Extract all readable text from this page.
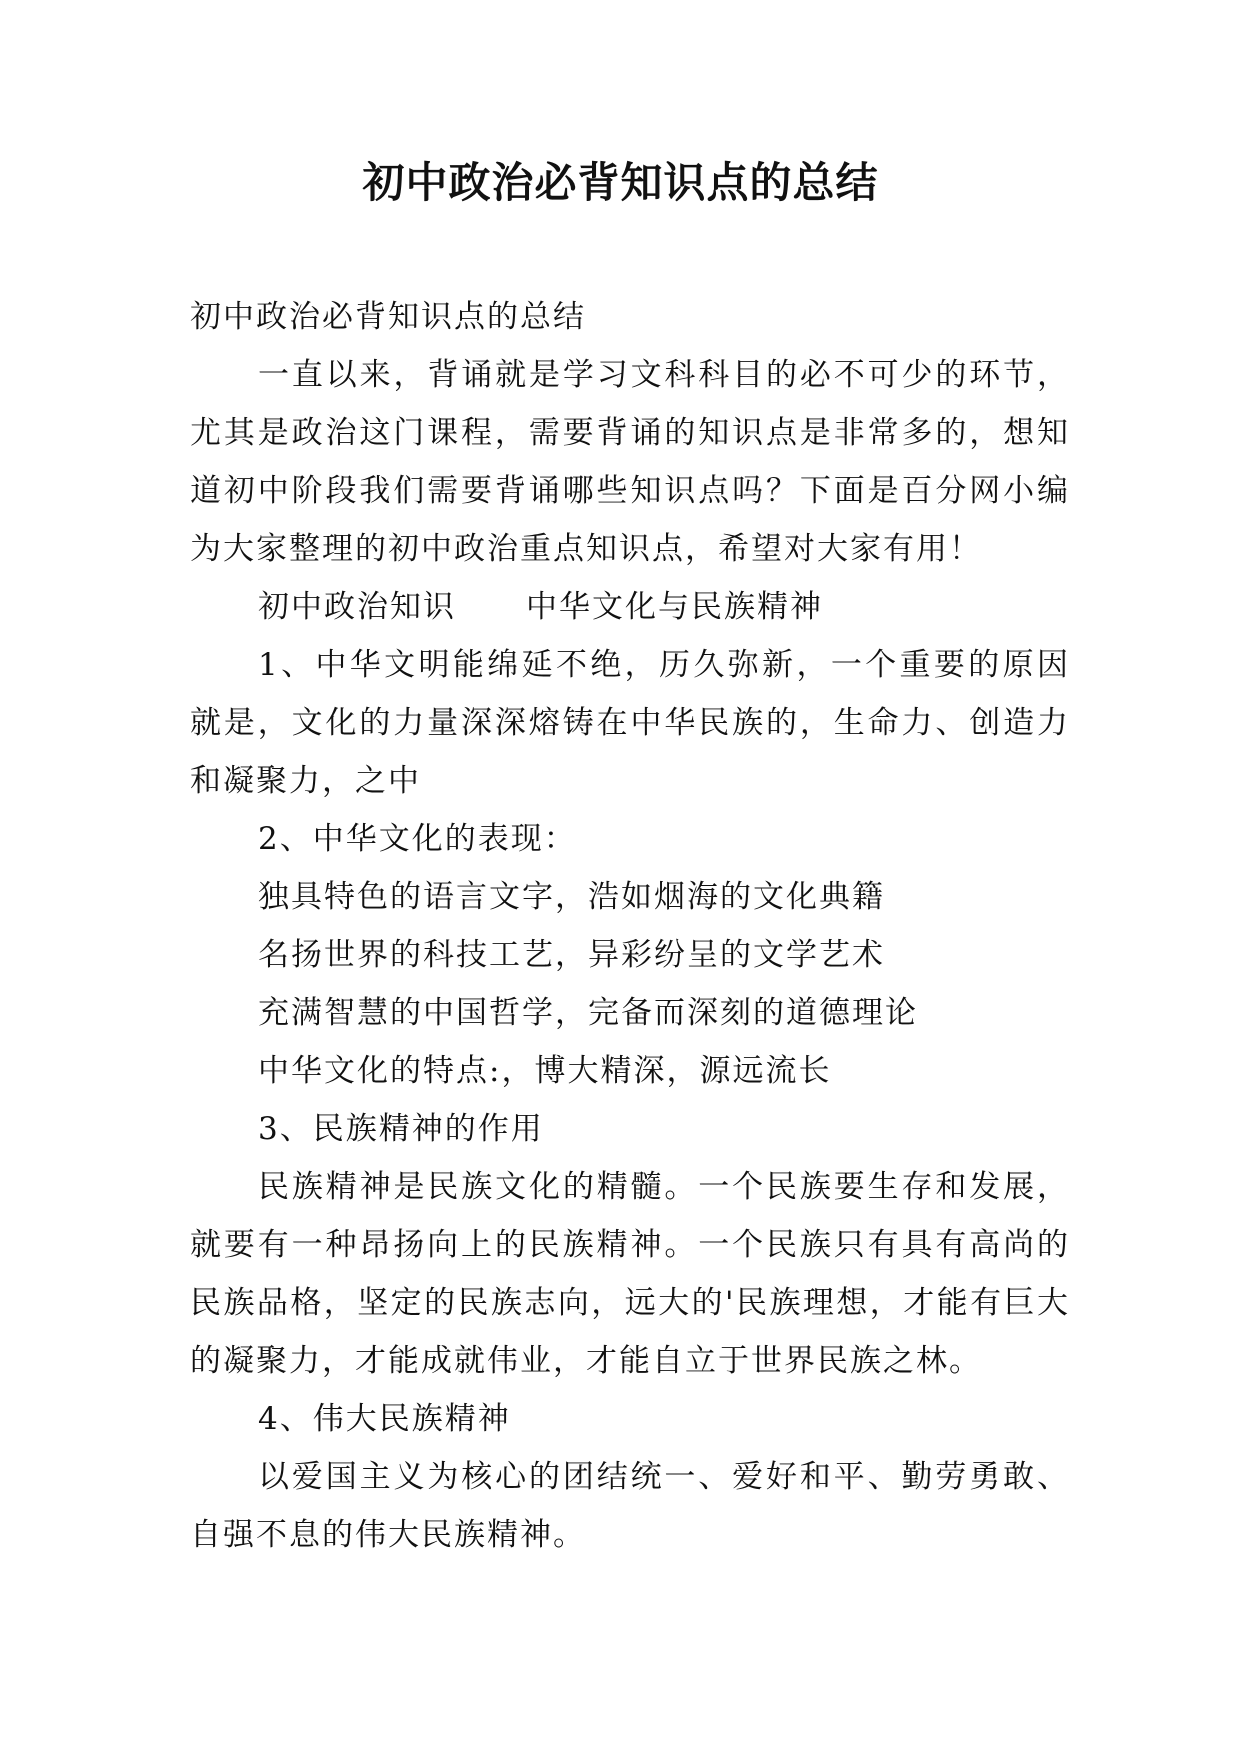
初中政治必背知识点的总结

初中政治必背知识点的总结

一直以来，背诵就是学习文科科目的必不可少的环节，尤其是政治这门课程，需要背诵的知识点是非常多的，想知道初中阶段我们需要背诵哪些知识点吗？下面是百分网小编为大家整理的初中政治重点知识点，希望对大家有用！

初中政治知识 中华文化与民族精神

1、中华文明能绵延不绝，历久弥新，一个重要的原因就是，文化的力量深深熔铸在中华民族的，生命力、创造力和凝聚力，之中

2、中华文化的表现：

独具特色的语言文字，浩如烟海的文化典籍

名扬世界的科技工艺，异彩纷呈的文学艺术

充满智慧的中国哲学，完备而深刻的道德理论

中华文化的特点:，博大精深，源远流长

3、民族精神的作用

民族精神是民族文化的精髓。一个民族要生存和发展，就要有一种昂扬向上的民族精神。一个民族只有具有高尚的民族品格，坚定的民族志向，远大的'民族理想，才能有巨大的凝聚力，才能成就伟业，才能自立于世界民族之林。

4、伟大民族精神

以爱国主义为核心的团结统一、爱好和平、勤劳勇敢、自强不息的伟大民族精神。
